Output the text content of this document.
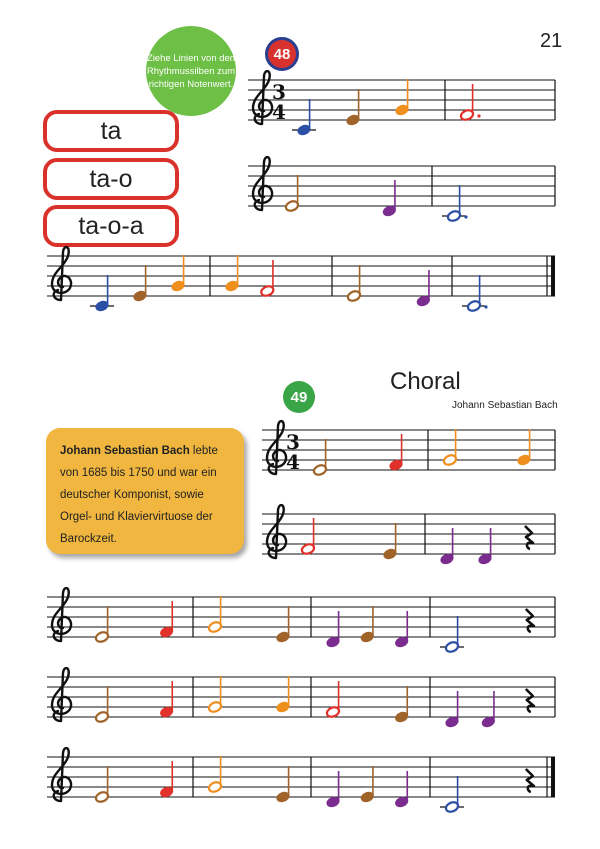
21
Ziehe Linien von den Rhythmussilben zum richtigen Notenwert.
48
ta
ta-o
ta-o-a
49
Choral
Johann Sebastian Bach
Johann Sebastian Bach lebte von 1685 bis 1750 und war ein deutscher Komponist, sowie Orgel- und Klaviervirtuose der Barockzeit.
3
4
3
4
